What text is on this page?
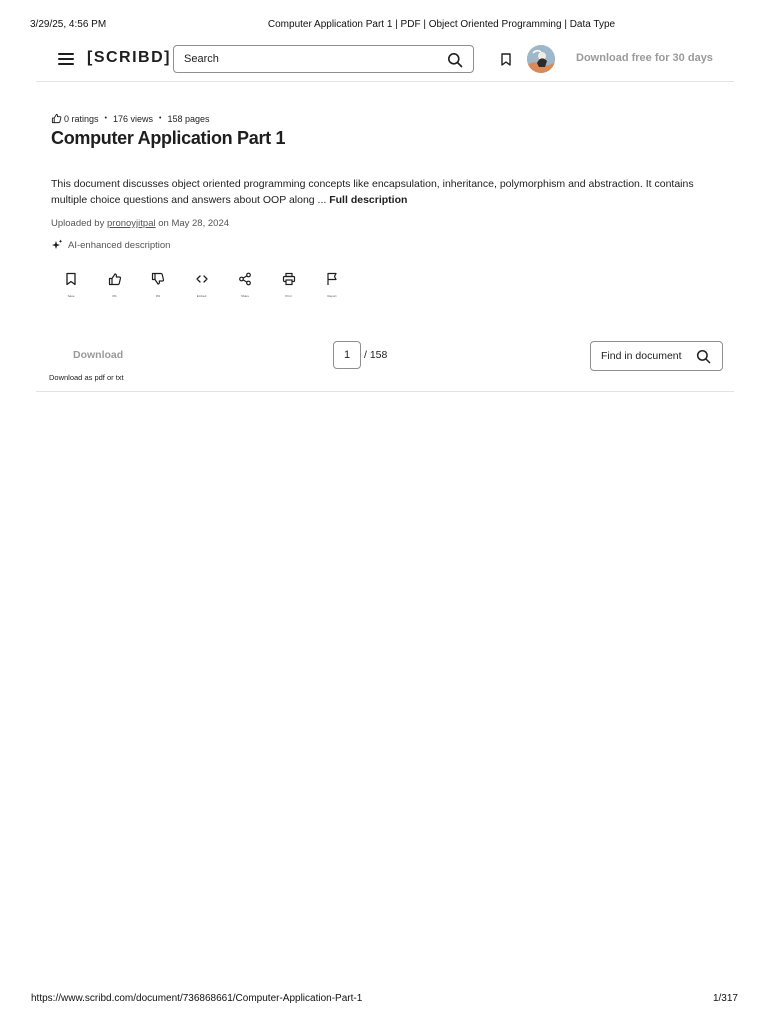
3/29/25, 4:56 PM	Computer Application Part 1 | PDF | Object Oriented Programming | Data Type
[SCRIBD]
Search	Download free for 30 days
0 ratings • 176 views • 158 pages
Computer Application Part 1
This document discusses object oriented programming concepts like encapsulation, inheritance, polymorphism and abstraction. It contains multiple choice questions and answers about OOP along ... Full description
Uploaded by pronoyjitpal on May 28, 2024
AI-enhanced description
Save	0%	0%	Embed	Share	Print	Report
Download
Download as pdf or txt
1	/ 158	Find in document
https://www.scribd.com/document/736868661/Computer-Application-Part-1	1/317
